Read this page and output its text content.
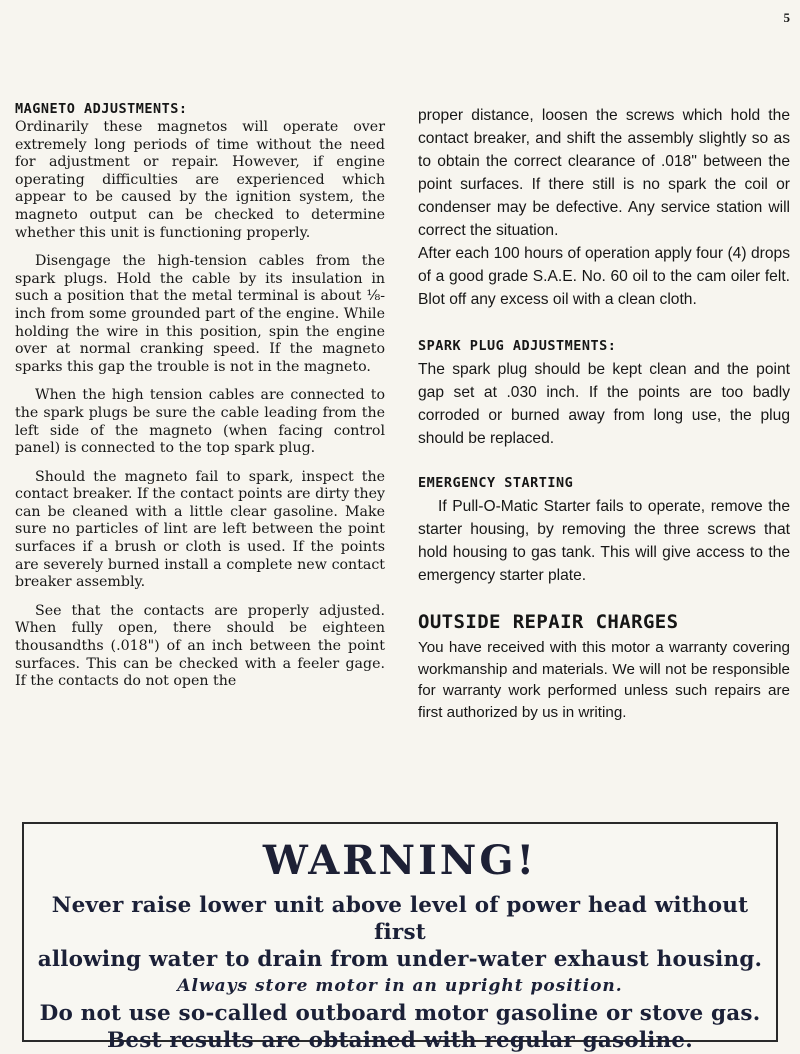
5
MAGNETO ADJUSTMENTS:

Ordinarily these magnetos will operate over extremely long periods of time without the need for adjustment or repair. However, if engine operating difficulties are experienced which appear to be caused by the ignition system, the magneto output can be checked to determine whether this unit is functioning properly.

Disengage the high-tension cables from the spark plugs. Hold the cable by its insulation in such a position that the metal terminal is about ⅛-inch from some grounded part of the engine. While holding the wire in this position, spin the engine over at normal cranking speed. If the magneto sparks this gap the trouble is not in the magneto.

When the high tension cables are connected to the spark plugs be sure the cable leading from the left side of the magneto (when facing control panel) is connected to the top spark plug.

Should the magneto fail to spark, inspect the contact breaker. If the contact points are dirty they can be cleaned with a little clear gasoline. Make sure no particles of lint are left between the point surfaces if a brush or cloth is used. If the points are severely burned install a complete new contact breaker assembly.

See that the contacts are properly adjusted. When fully open, there should be eighteen thousandths (.018") of an inch between the point surfaces. This can be checked with a feeler gage. If the contacts do not open the

proper distance, loosen the screws which hold the contact breaker, and shift the assembly slightly so as to obtain the correct clearance of .018" between the point surfaces. If there still is no spark the coil or condenser may be defective. Any service station will correct the situation.

After each 100 hours of operation apply four (4) drops of a good grade S.A.E. No. 60 oil to the cam oiler felt. Blot off any excess oil with a clean cloth.

SPARK PLUG ADJUSTMENTS:

The spark plug should be kept clean and the point gap set at .030 inch. If the points are too badly corroded or burned away from long use, the plug should be replaced.

EMERGENCY STARTING

If Pull-O-Matic Starter fails to operate, remove the starter housing, by removing the three screws that hold housing to gas tank. This will give access to the emergency starter plate.

OUTSIDE REPAIR CHARGES

You have received with this motor a warranty covering workmanship and materials. We will not be responsible for warranty work performed unless such repairs are first authorized by us in writing.

WARNING!
Never raise lower unit above level of power head without first
allowing water to drain from under-water exhaust housing.
Always store motor in an upright position.
Do not use so-called outboard motor gasoline or stove gas.
Best results are obtained with regular gasoline.
